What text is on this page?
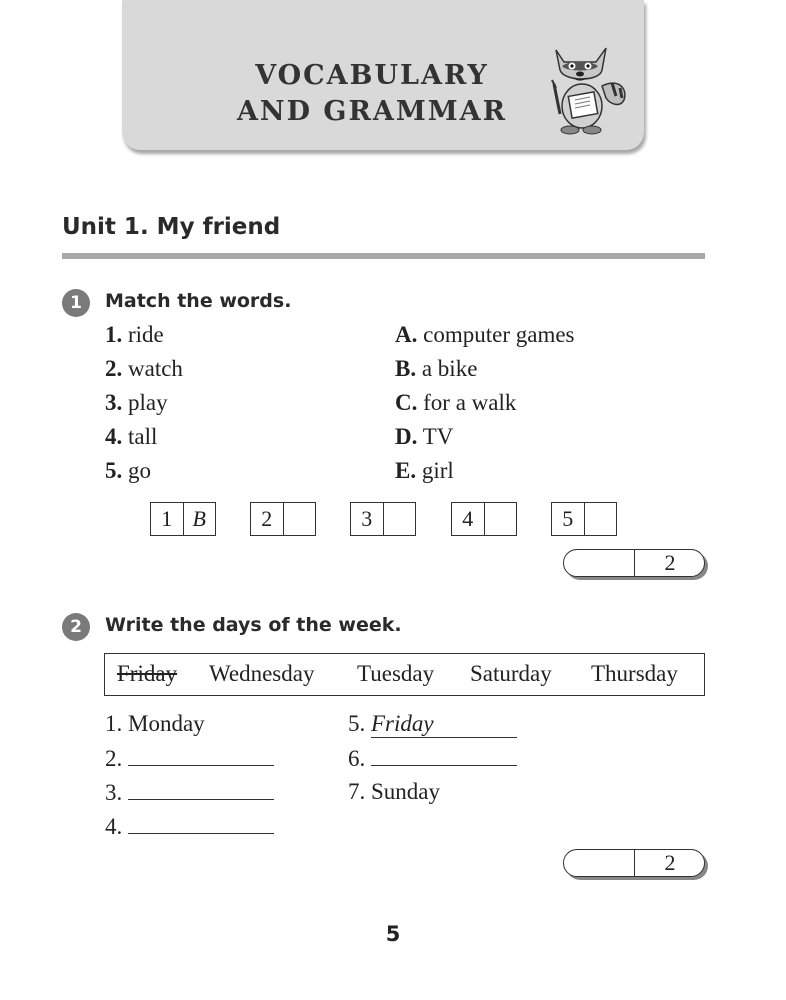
VOCABULARY
AND GRAMMAR
Unit 1. My friend
1	Match the words.
1. ride
2. watch
3. play
4. tall
5. go
A. computer games
B. a bike
C. for a walk
D. TV
E. girl
1 B	2	3	4	5
2
2	Write the days of the week.
Friday Wednesday Tuesday Saturday Thursday
1. Monday
2.
3.
4.
5. Friday
6.
7. Sunday
2
5
